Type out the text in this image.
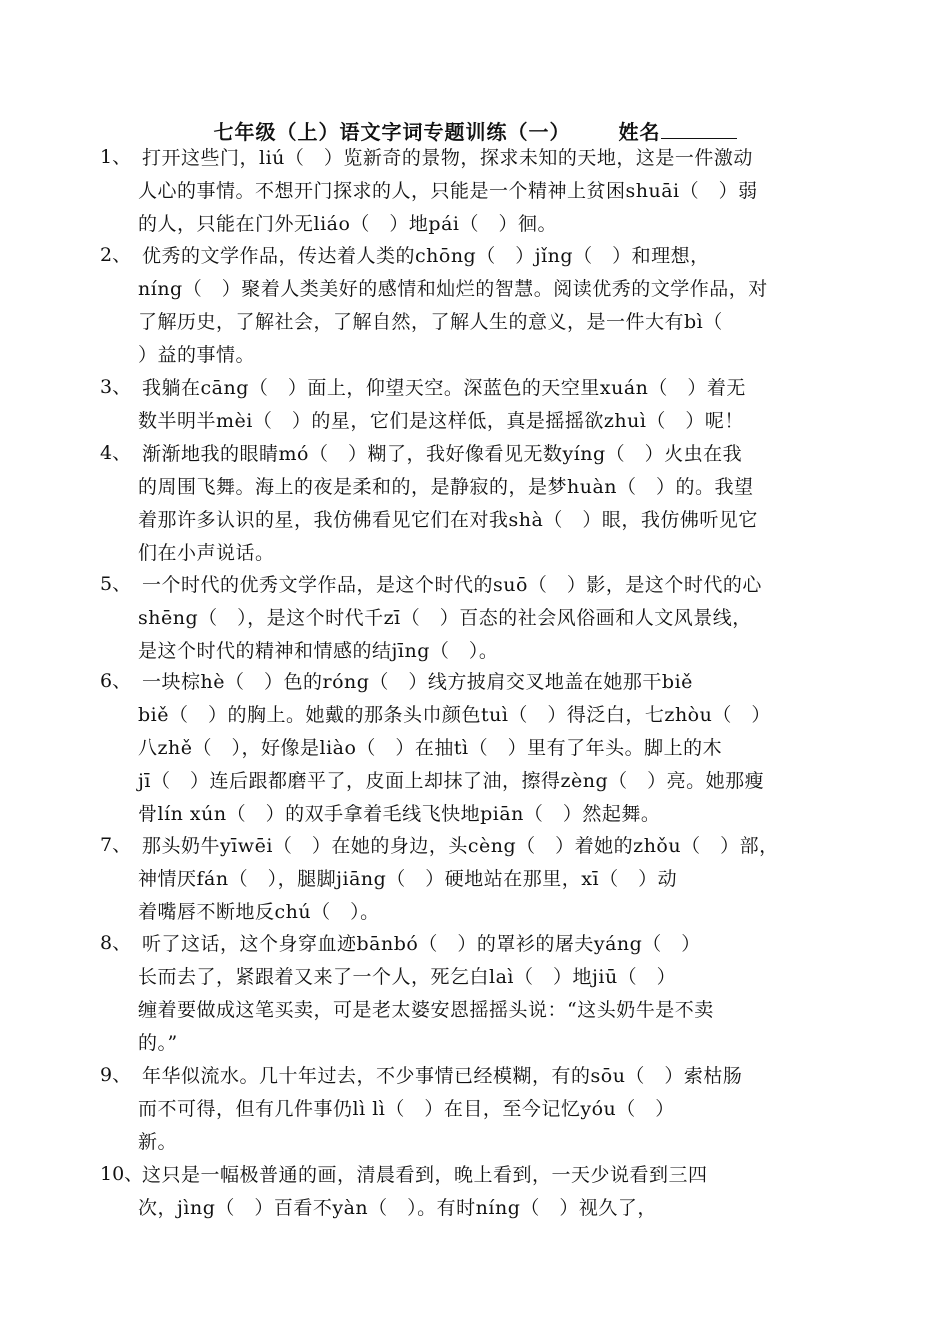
七年级（上）语文字词专题训练（一） 姓名
1、 打开这些门，liú（　）览新奇的景物，探求未知的天地，这是一件激动
人心的事情。不想开门探求的人，只能是一个精神上贫困shuāi（　）弱
的人，只能在门外无liáo（　）地pái（　）徊。
2、 优秀的文学作品，传达着人类的chōng（　）jǐng（　）和理想，
níng（　）聚着人类美好的感情和灿烂的智慧。阅读优秀的文学作品，对
了解历史，了解社会，了解自然，了解人生的意义，是一件大有bì（
）益的事情。
3、 我躺在cāng（　）面上，仰望天空。深蓝色的天空里xuán（　）着无
数半明半mèi（　）的星，它们是这样低，真是摇摇欲zhuì（　）呢！
4、 渐渐地我的眼睛mó（　）糊了，我好像看见无数yíng（　）火虫在我
的周围飞舞。海上的夜是柔和的，是静寂的，是梦huàn（　）的。我望
着那许多认识的星，我仿佛看见它们在对我shà（　）眼，我仿佛听见它
们在小声说话。
5、 一个时代的优秀文学作品，是这个时代的suō（　）影，是这个时代的心
shēng（　），是这个时代千zī（　）百态的社会风俗画和人文风景线，
是这个时代的精神和情感的结jīng（　）。
6、 一块棕hè（　）色的róng（　）线方披肩交叉地盖在她那干biě
biě（　）的胸上。她戴的那条头巾颜色tuì（　）得泛白，七zhòu（　）
八zhě（　），好像是liào（　）在抽tì（　）里有了年头。脚上的木
jī（　）连后跟都磨平了，皮面上却抹了油，擦得zèng（　）亮。她那瘦
骨lín xún（　）的双手拿着毛线飞快地piān（　）然起舞。
7、 那头奶牛yīwēi（　）在她的身边，头cèng（　）着她的zhǒu（　）部，
神情厌fán（　），腿脚jiāng（　）硬地站在那里，xī（　）动
着嘴唇不断地反chú（　）。
8、 听了这话，这个身穿血迹bānbó（　）的罩衫的屠夫yáng（　）
长而去了，紧跟着又来了一个人，死乞白laì（　）地jiū（　）
缠着要做成这笔买卖，可是老太婆安恩摇摇头说：“这头奶牛是不卖
的。”
9、 年华似流水。几十年过去，不少事情已经模糊，有的sōu（　）索枯肠
而不可得，但有几件事仍lì lì（　）在目，至今记忆yóu（　）
新。
10、
这只是一幅极普通的画，清晨看到，晚上看到，一天少说看到三四
次，jìng（　）百看不yàn（　）。有时níng（　）视久了，
